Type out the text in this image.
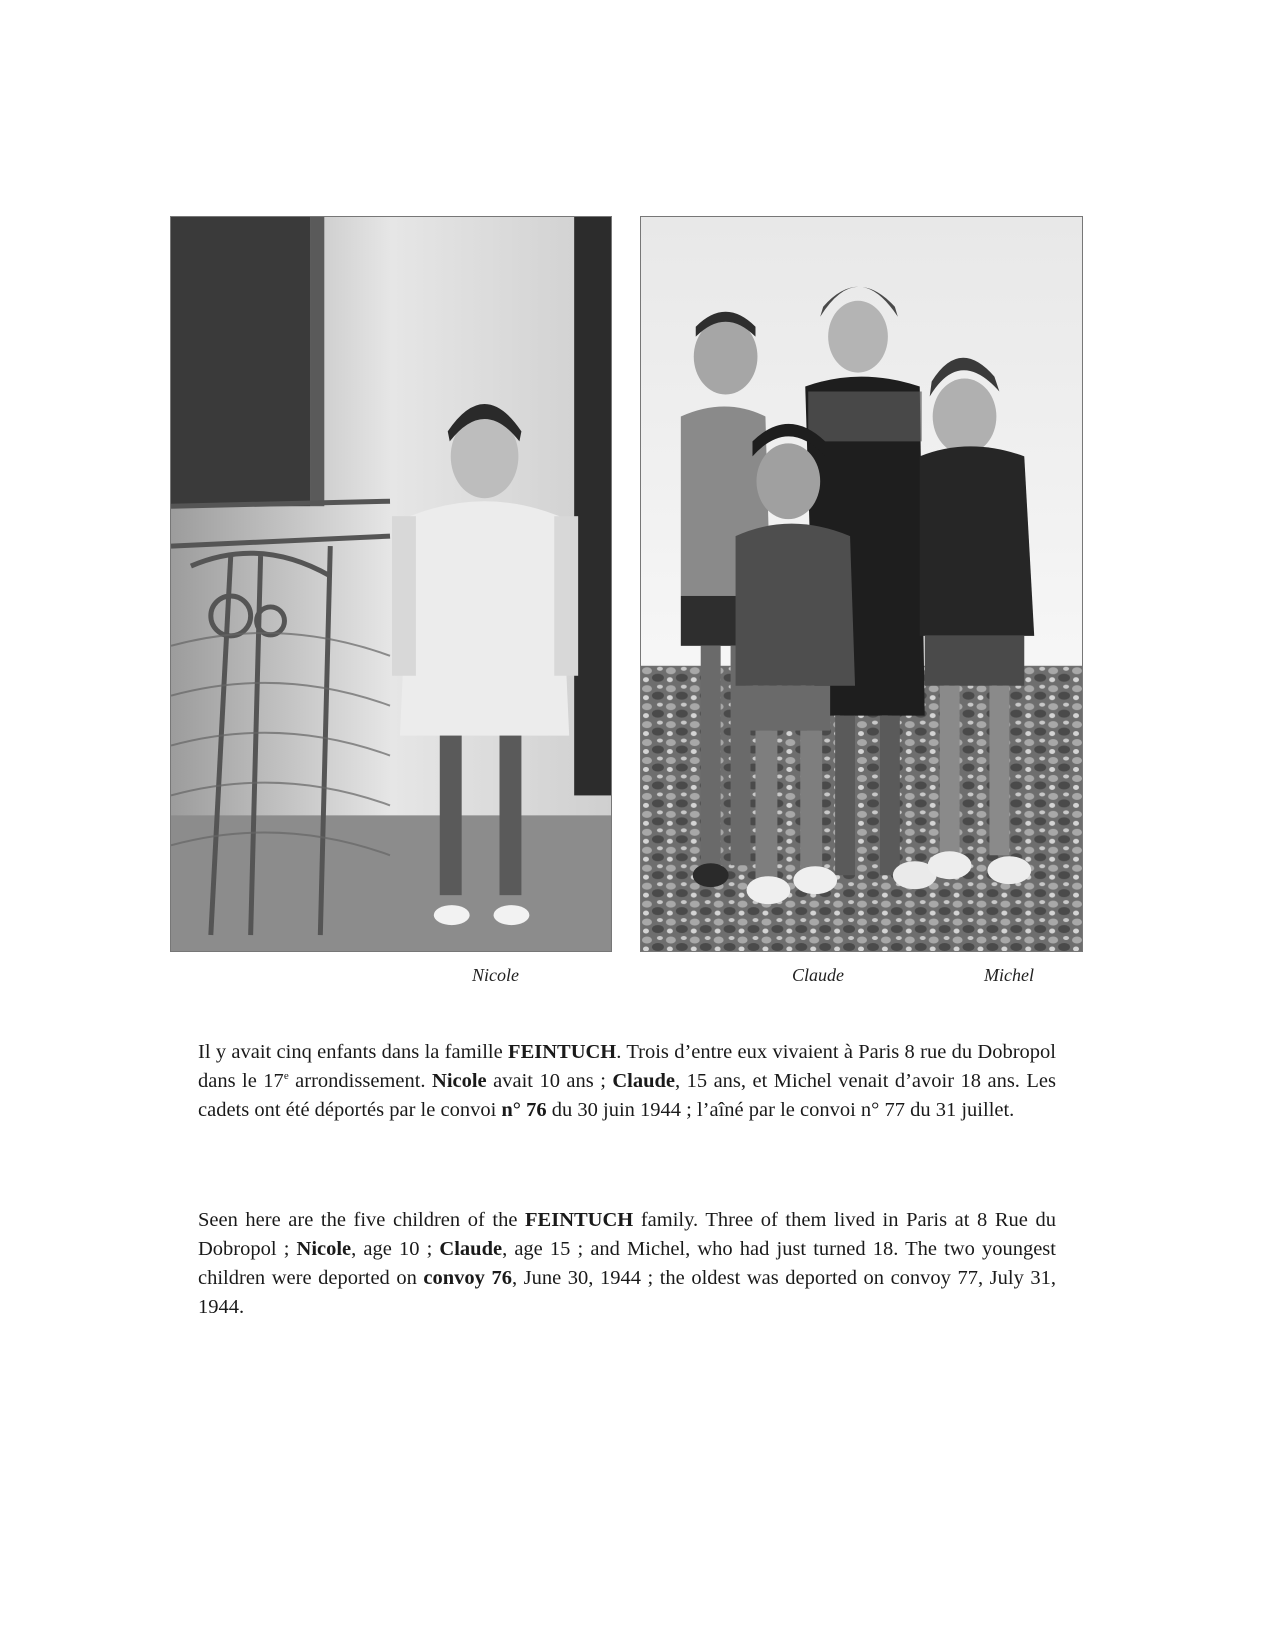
Nicole	Claude	Michel

Il y avait cinq enfants dans la famille FEINTUCH. Trois d’entre eux vivaient à Paris 8 rue du Dobropol dans le 17e arrondissement. Nicole avait 10 ans ; Claude, 15 ans, et Michel venait d’avoir 18 ans. Les cadets ont été déportés par le convoi n° 76 du 30 juin 1944 ; l’aîné par le convoi n° 77 du 31 juillet.

Seen here are the five children of the FEINTUCH family. Three of them lived in Paris at 8 Rue du Dobropol ; Nicole, age 10 ; Claude, age 15 ; and Michel, who had just turned 18. The two youngest children were deported on convoy 76, June 30, 1944 ; the oldest was deported on convoy 77, July 31, 1944.
